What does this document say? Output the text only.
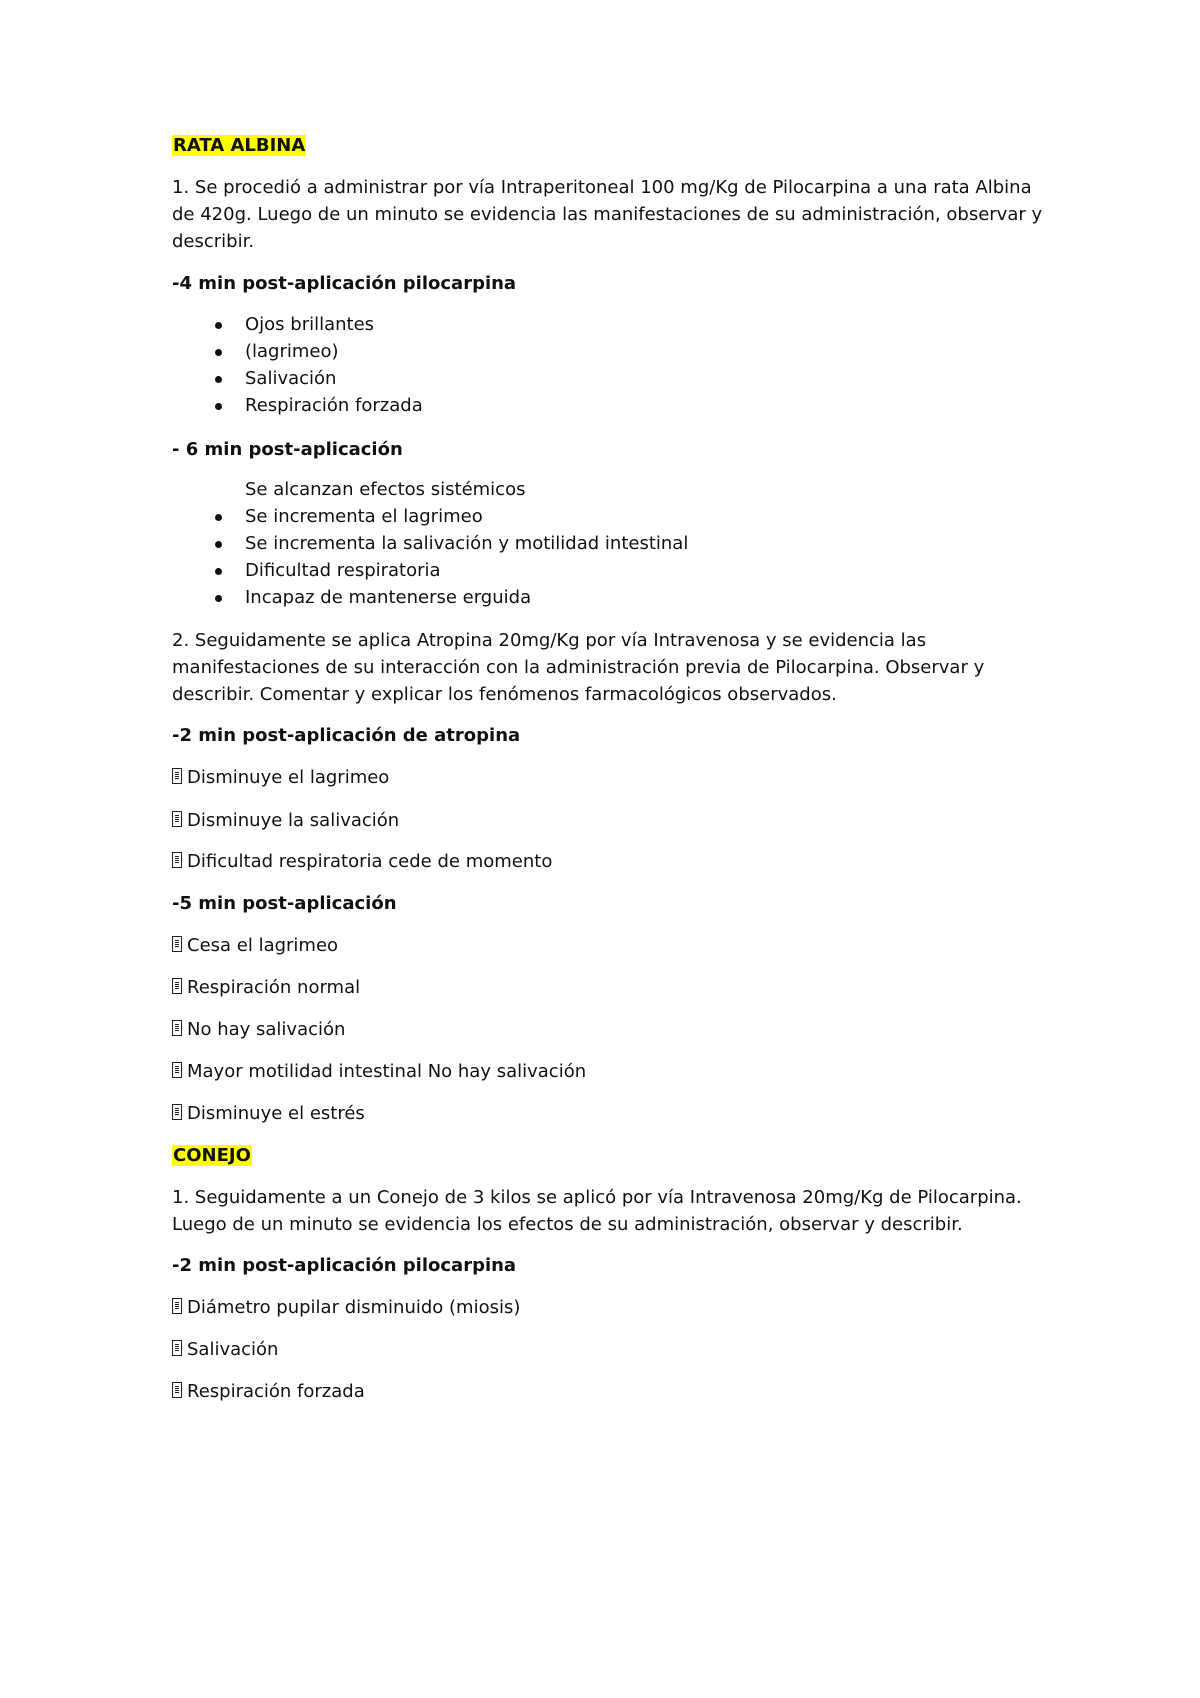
RATA ALBINA
1. Se procedió a administrar por vía Intraperitoneal 100 mg/Kg de Pilocarpina a una rata Albina
de 420g. Luego de un minuto se evidencia las manifestaciones de su administración, observar y
describir.
-4 min post-aplicación pilocarpina
Ojos brillantes
(lagrimeo)
Salivación
Respiración forzada
- 6 min post-aplicación
Se alcanzan efectos sistémicos
Se incrementa el lagrimeo
Se incrementa la salivación y motilidad intestinal
Dificultad respiratoria
Incapaz de mantenerse erguida
2. Seguidamente se aplica Atropina 20mg/Kg por vía Intravenosa y se evidencia las
manifestaciones de su interacción con la administración previa de Pilocarpina. Observar y
describir. Comentar y explicar los fenómenos farmacológicos observados.
-2 min post-aplicación de atropina
Disminuye el lagrimeo
Disminuye la salivación
Dificultad respiratoria cede de momento
-5 min post-aplicación
Cesa el lagrimeo
Respiración normal
No hay salivación
Mayor motilidad intestinal No hay salivación
Disminuye el estrés
CONEJO
1. Seguidamente a un Conejo de 3 kilos se aplicó por vía Intravenosa 20mg/Kg de Pilocarpina.
Luego de un minuto se evidencia los efectos de su administración, observar y describir.
-2 min post-aplicación pilocarpina
Diámetro pupilar disminuido (miosis)
Salivación
Respiración forzada
